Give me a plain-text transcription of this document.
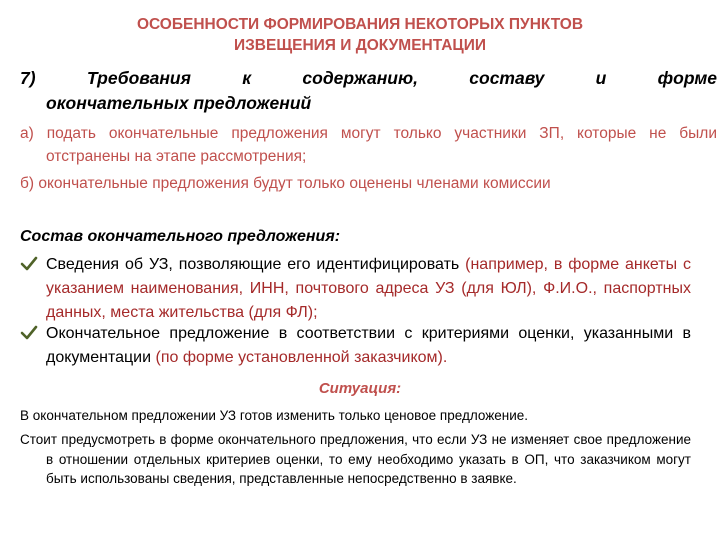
ОСОБЕННОСТИ ФОРМИРОВАНИЯ НЕКОТОРЫХ ПУНКТОВ
ИЗВЕЩЕНИЯ И ДОКУМЕНТАЦИИ
7) Требования к содержанию, составу и форме
окончательных предложений
а) подать окончательные предложения могут только участники ЗП, которые не были отстранены на этапе рассмотрения;
б) окончательные предложения будут только оценены членами комиссии
Состав окончательного предложения:
Сведения об УЗ, позволяющие его идентифицировать (например, в форме анкеты с указанием наименования, ИНН, почтового адреса УЗ (для ЮЛ), Ф.И.О., паспортных данных, места жительства (для ФЛ);
Окончательное предложение в соответствии с критериями оценки, указанными в документации (по форме установленной заказчиком).
Ситуация:
В окончательном предложении УЗ готов изменить только ценовое предложение.
Стоит предусмотреть в форме окончательного предложения, что если УЗ не изменяет свое предложение в отношении отдельных критериев оценки, то ему необходимо указать в ОП, что заказчиком могут быть использованы сведения, представленные непосредственно в заявке.
